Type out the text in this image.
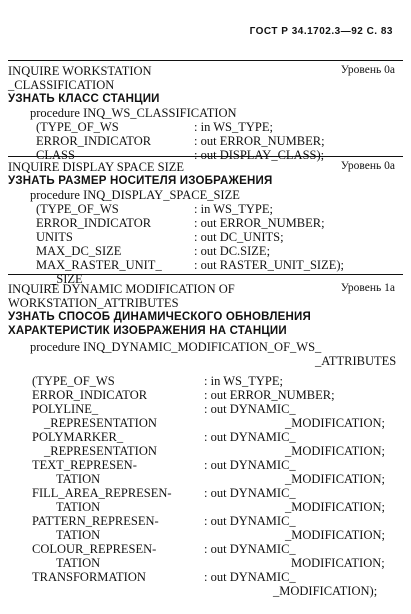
ГОСТ Р 34.1702.3—92 С. 83
INQUIRE WORKSTATION	Уровень 0а
_CLASSIFICATION
УЗНАТЬ КЛАСС СТАНЦИИ
procedure INQ_WS_CLASSIFICATION
(TYPE_OF_WS	: in WS_TYPE;
ERROR_INDICATOR	: out ERROR_NUMBER;
CLASS	: out DISPLAY_CLASS);
INQUIRE DISPLAY SPACE SIZE	Уровень 0а
УЗНАТЬ РАЗМЕР НОСИТЕЛЯ ИЗОБРАЖЕНИЯ
procedure INQ_DISPLAY_SPACE_SIZE
(TYPE_OF_WS	: in WS_TYPE;
ERROR_INDICATOR	: out ERROR_NUMBER;
UNITS	: out DC_UNITS;
MAX_DC_SIZE	: out DC.SIZE;
MAX_RASTER_UNIT_	: out RASTER_UNIT_SIZE);
_SIZE
INQUIRE DYNAMIC MODIFICATION OF	Уровень 1а
WORKSTATION_ATTRIBUTES
УЗНАТЬ СПОСОБ ДИНАМИЧЕСКОГО ОБНОВЛЕНИЯ
ХАРАКТЕРИСТИК ИЗОБРАЖЕНИЯ НА СТАНЦИИ
procedure INQ_DYNAMIC_MODIFICATION_OF_WS_
_ATTRIBUTES
(TYPE_OF_WS	: in WS_TYPE;
ERROR_INDICATOR	: out ERROR_NUMBER;
POLYLINE_	: out DYNAMIC_
_REPRESENTATION	_MODIFICATION;
POLYMARKER_	: out DYNAMIC_
_REPRESENTATION	_MODIFICATION;
TEXT_REPRESEN-	: out DYNAMIC_
TATION	_MODIFICATION;
FILL_AREA_REPRESEN-	: out DYNAMIC_
TATION	_MODIFICATION;
PATTERN_REPRESEN-	: out DYNAMIC_
TATION	_MODIFICATION;
COLOUR_REPRESEN-	: out DYNAMIC_
TATION	MODIFICATION;
TRANSFORMATION	: out DYNAMIC_
_MODIFICATION);
